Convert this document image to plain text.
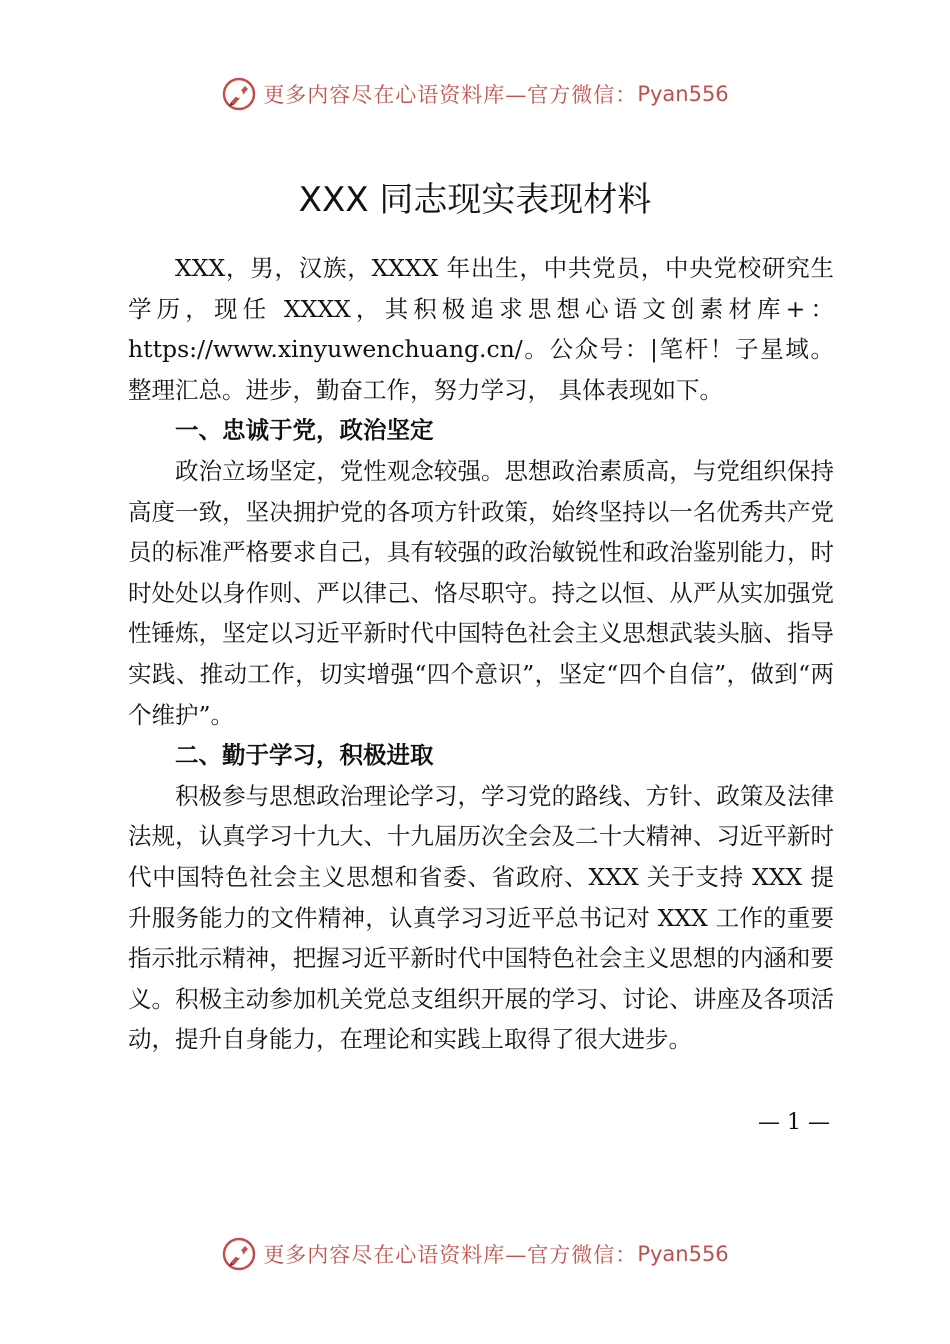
更多内容尽在心语资料库—官方微信： Pyan556
XXX 同志现实表现材料

XXX，男，汉族，XXXX 年出生，中共党员，中央党校研究生学历，现任 XXXX，其积极追求思想心语文创素材库+：https://www.xinyuwenchuang.cn/。公众号：|笔杆！子星域。整理汇总。进步，勤奋工作，努力学习， 具体表现如下。

一、忠诚于党，政治坚定

政治立场坚定，党性观念较强。思想政治素质高，与党组织保持高度一致，坚决拥护党的各项方针政策，始终坚持以一名优秀共产党员的标准严格要求自己，具有较强的政治敏锐性和政治鉴别能力，时时处处以身作则、严以律己、恪尽职守。持之以恒、从严从实加强党性锤炼，坚定以习近平新时代中国特色社会主义思想武装头脑、指导实践、推动工作，切实增强“四个意识”，坚定“四个自信”，做到“两个维护”。

二、勤于学习，积极进取

积极参与思想政治理论学习，学习党的路线、方针、政策及法律法规，认真学习十九大、十九届历次全会及二十大精神、习近平新时代中国特色社会主义思想和省委、省政府、XXX 关于支持 XXX 提升服务能力的文件精神，认真学习习近平总书记对 XXX 工作的重要指示批示精神，把握习近平新时代中国特色社会主义思想的内涵和要义。积极主动参加机关党总支组织开展的学习、讨论、讲座及各项活动，提升自身能力，在理论和实践上取得了很大进步。

— 1 —
更多内容尽在心语资料库—官方微信： Pyan556
